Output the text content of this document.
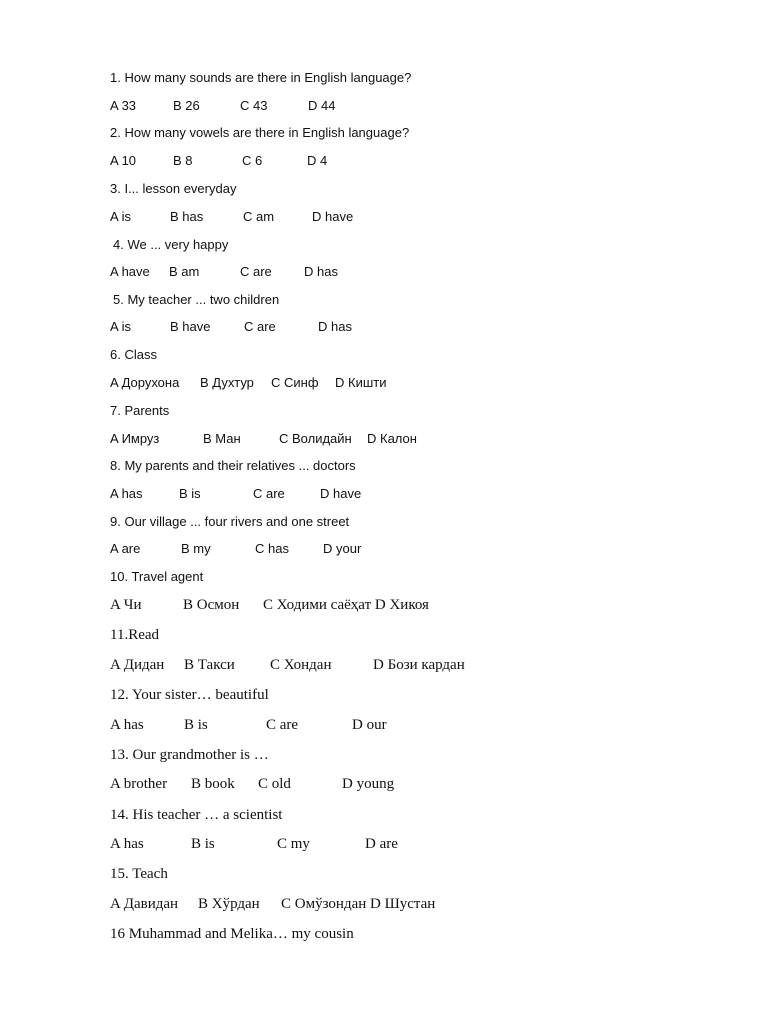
1. How many sounds are there in English language?
A 33	B 26	C 43	D 44
2. How many vowels are there in English language?
A 10	B 8	C 6	D 4
3. I... lesson everyday
A is	B has	C am	D have
4. We ... very happy
A have B am	C are D has
5. My teacher ... two children
A is	B have	C are	D has
6. Class
A Дорухона B Духтур C Синф D Кишти
7. Parents
A Имруз	B Ман	C Волидайн D Калон
8. My parents and their relatives ... doctors
A has	B is	C are	D have
9. Our village ... four rivers and one street
A are	B my	C has	D your
10. Travel agent
A Чи	B Осмон C Ходими саёҳат D Хикоя
11.Read
A Дидан B Такси C Хондан	D Бози кардан
12. Your sister… beautiful
A has	B is	C are	D our
13. Our grandmother is …
A brother B book C old	D young
14. His teacher … a scientist
A has	B is	C my	D are
15. Teach
A Давидан B Хўрдан C Омўзондан D Шустан
16 Muhammad and Melika… my cousin
